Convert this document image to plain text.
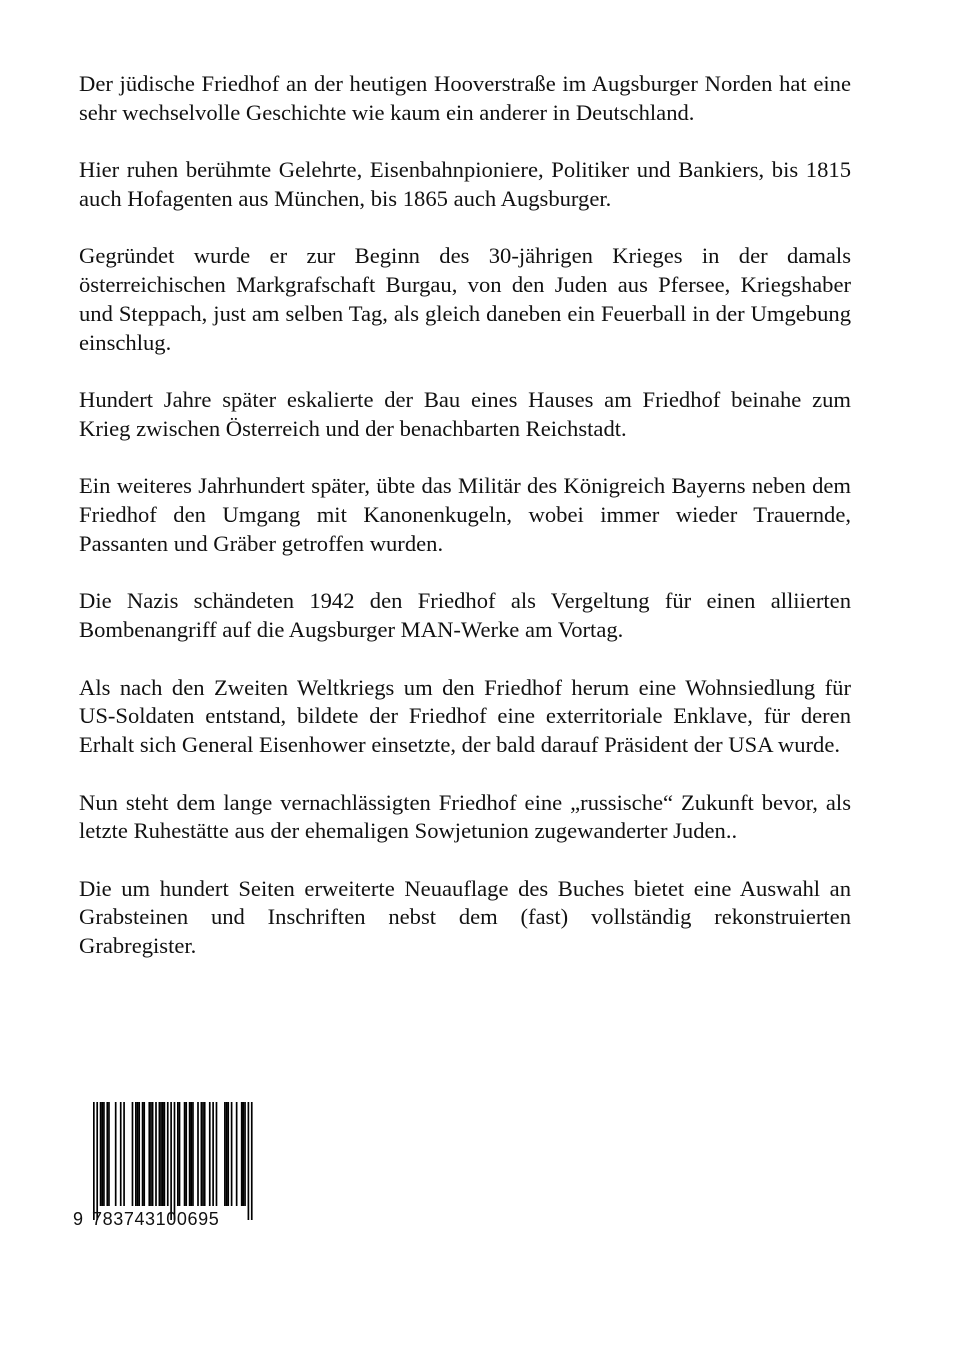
Der jüdische Friedhof an der heutigen Hooverstraße im Augsburger Norden hat eine sehr wechselvolle Geschichte wie kaum ein anderer in Deutschland.

Hier ruhen berühmte Gelehrte, Eisenbahnpioniere, Politiker und Bankiers, bis 1815 auch Hofagenten aus München, bis 1865 auch Augsburger.

Gegründet wurde er zur Beginn des 30-jährigen Krieges in der damals österreichischen Markgrafschaft Burgau, von den Juden aus Pfersee, Kriegshaber und Steppach, just am selben Tag, als gleich daneben ein Feuerball in der Umgebung einschlug.

Hundert Jahre später eskalierte der Bau eines Hauses am Friedhof beinahe zum Krieg zwischen Österreich und der benachbarten Reichstadt.

Ein weiteres Jahrhundert später, übte das Militär des Königreich Bayerns neben dem Friedhof den Umgang mit Kanonenkugeln, wobei immer wieder Trauernde, Passanten und Gräber getroffen wurden.

Die Nazis schändeten 1942 den Friedhof als Vergeltung für einen alliierten Bombenangriff auf die Augsburger MAN-Werke am Vortag.

Als nach den Zweiten Weltkriegs um den Friedhof herum eine Wohnsiedlung für US-Soldaten entstand, bildete der Friedhof eine exterritoriale Enklave, für deren Erhalt sich General Eisenhower einsetzte, der bald darauf Präsident der USA wurde.

Nun steht dem lange vernachlässigten Friedhof eine „russische“ Zukunft bevor, als letzte Ruhestätte aus der ehemaligen Sowjetunion zugewanderter Juden..

Die um hundert Seiten erweiterte Neuauflage des Buches bietet eine Auswahl an Grabsteinen und Inschriften nebst dem (fast) vollständig rekonstruierten Grabregister.

9 783743100695
